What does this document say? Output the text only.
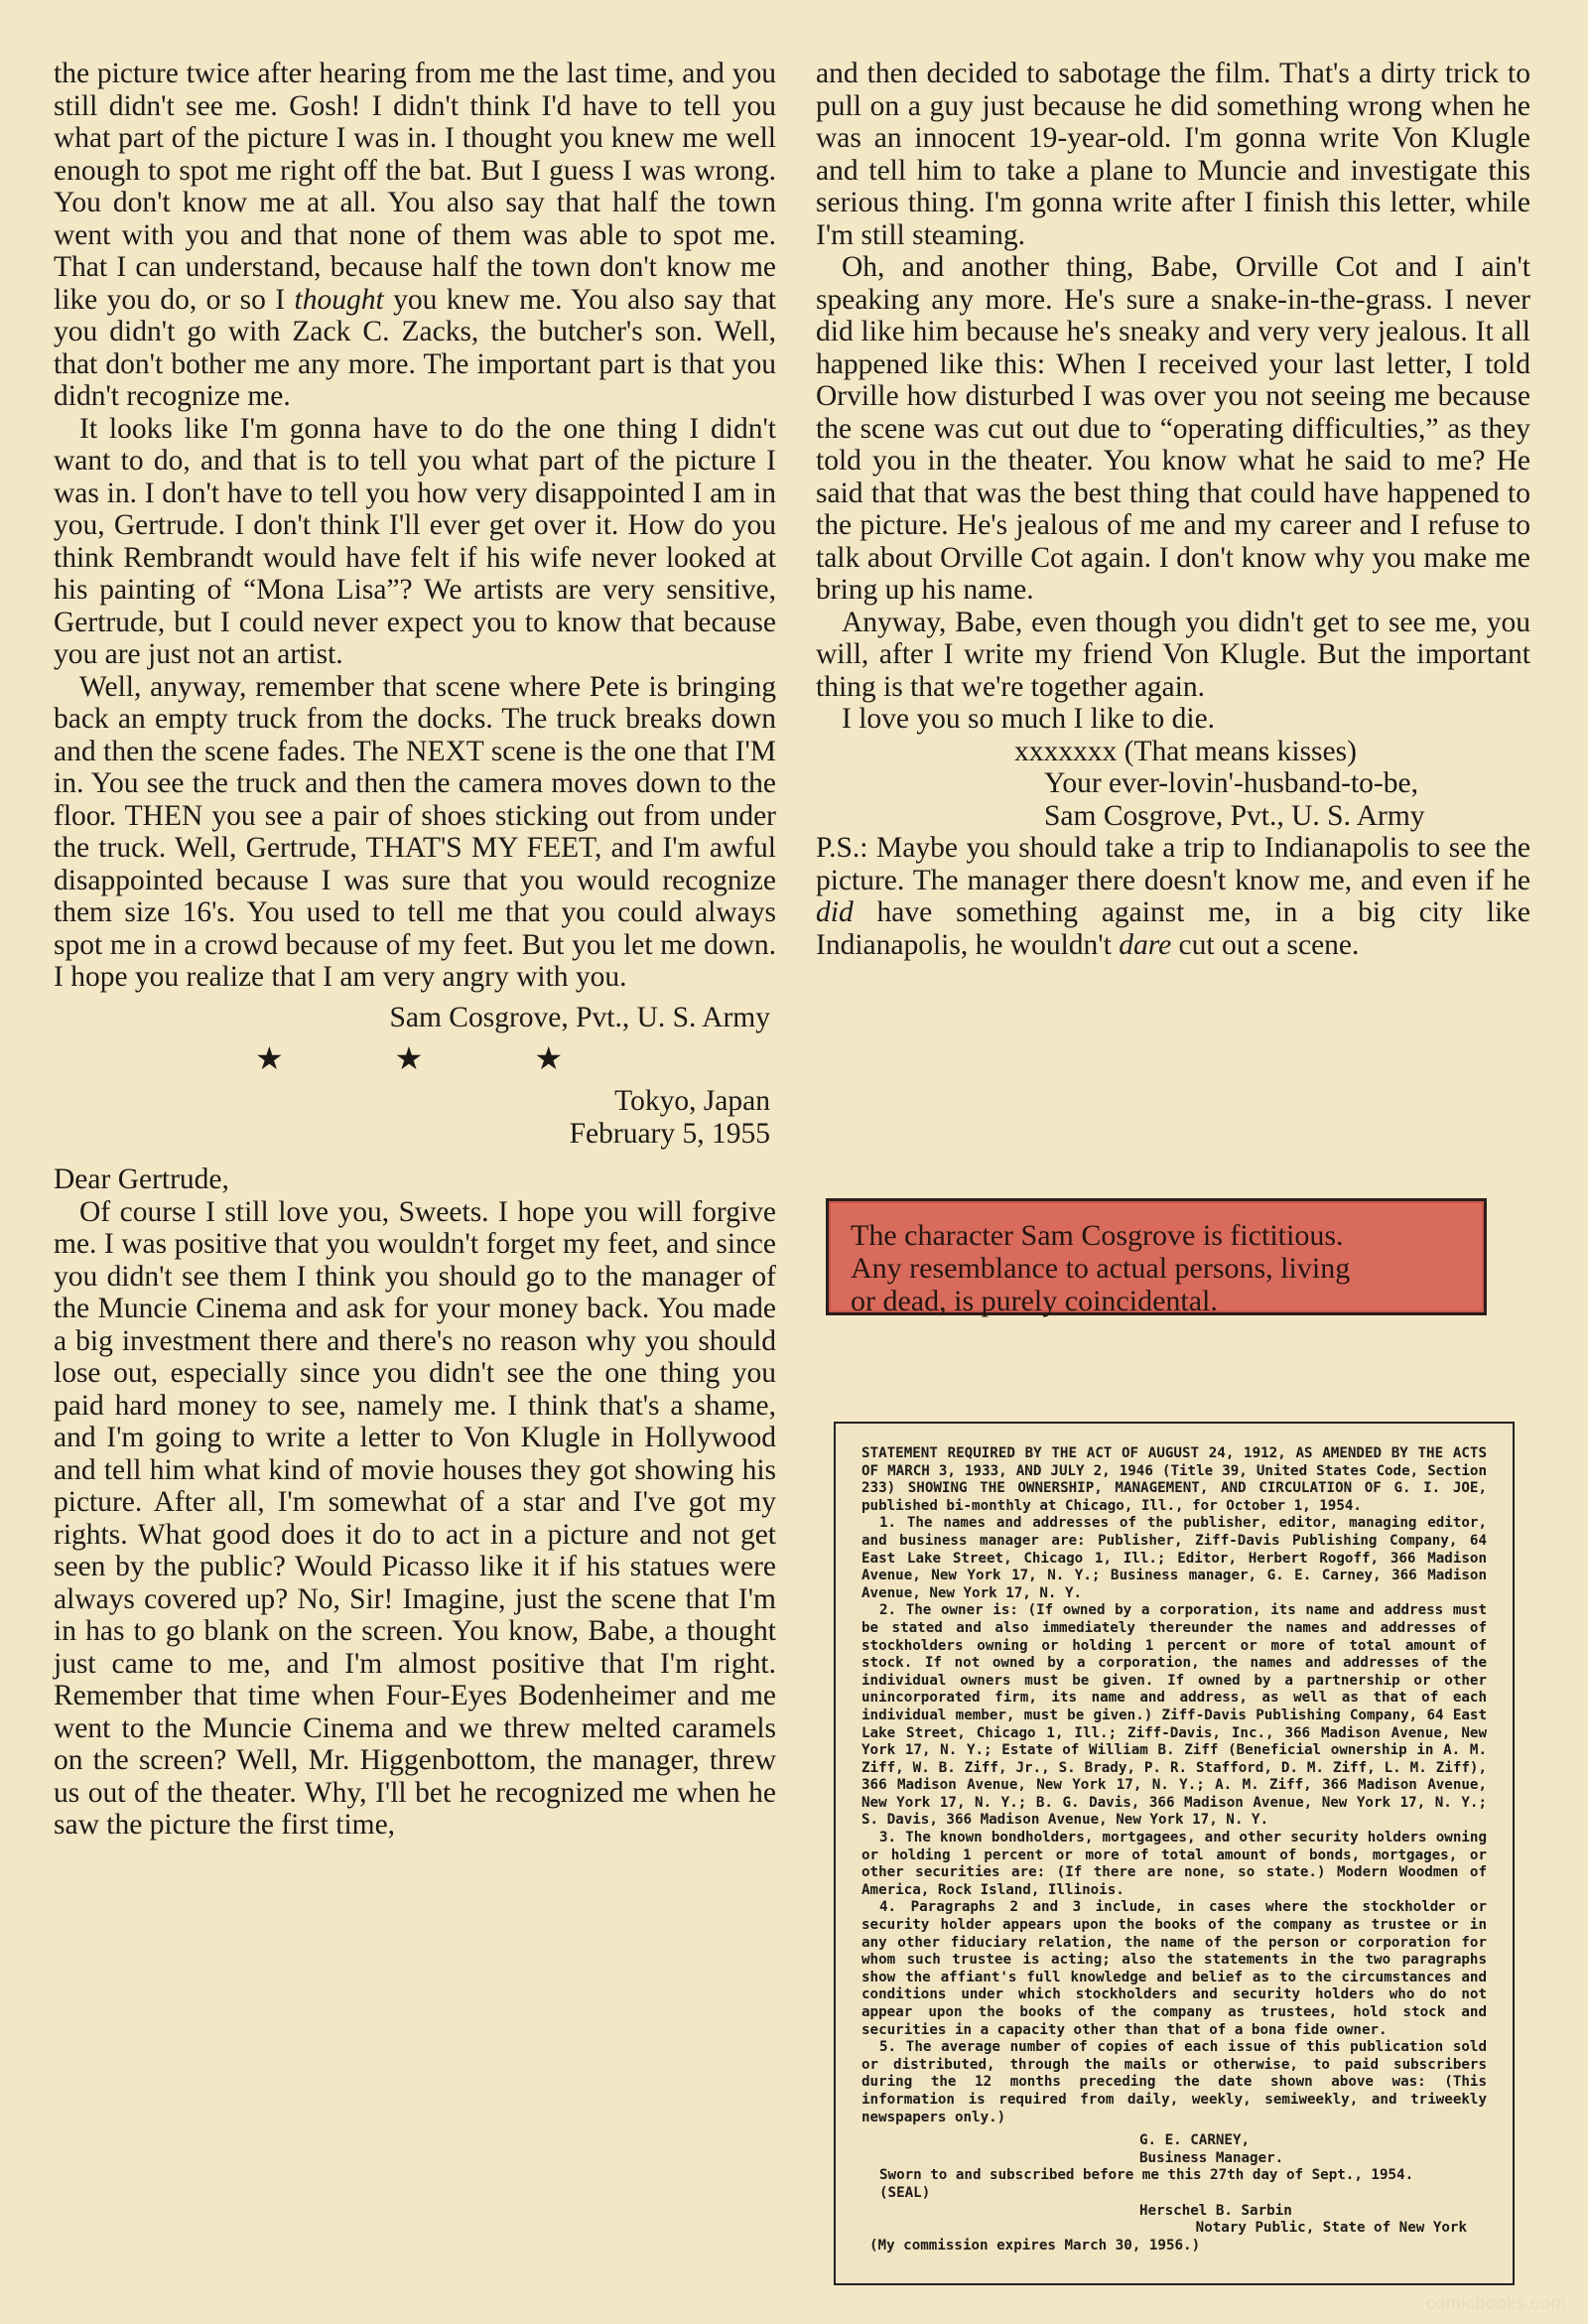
the picture twice after hearing from me the last time, and you still didn't see me. Gosh! I didn't think I'd have to tell you what part of the picture I was in. I thought you knew me well enough to spot me right off the bat. But I guess I was wrong. You don't know me at all. You also say that half the town went with you and that none of them was able to spot me. That I can understand, because half the town don't know me like you do, or so I thought you knew me. You also say that you didn't go with Zack C. Zacks, the butcher's son. Well, that don't bother me any more. The important part is that you didn't recognize me.

It looks like I'm gonna have to do the one thing I didn't want to do, and that is to tell you what part of the picture I was in. I don't have to tell you how very disappointed I am in you, Gertrude. I don't think I'll ever get over it. How do you think Rembrandt would have felt if his wife never looked at his painting of “Mona Lisa”? We artists are very sensitive, Gertrude, but I could never expect you to know that because you are just not an artist.

Well, anyway, remember that scene where Pete is bringing back an empty truck from the docks. The truck breaks down and then the scene fades. The NEXT scene is the one that I'M in. You see the truck and then the camera moves down to the floor. THEN you see a pair of shoes sticking out from under the truck. Well, Gertrude, THAT'S MY FEET, and I'm awful disappointed because I was sure that you would recognize them size 16's. You used to tell me that you could always spot me in a crowd because of my feet. But you let me down. I hope you realize that I am very angry with you.

Sam Cosgrove, Pvt., U. S. Army

★ ★ ★

Tokyo, Japan

February 5, 1955

Dear Gertrude,

Of course I still love you, Sweets. I hope you will forgive me. I was positive that you wouldn't forget my feet, and since you didn't see them I think you should go to the manager of the Muncie Cinema and ask for your money back. You made a big investment there and there's no reason why you should lose out, especially since you didn't see the one thing you paid hard money to see, namely me. I think that's a shame, and I'm going to write a letter to Von Klugle in Hollywood and tell him what kind of movie houses they got showing his picture. After all, I'm somewhat of a star and I've got my rights. What good does it do to act in a picture and not get seen by the public? Would Picasso like it if his statues were always covered up? No, Sir! Imagine, just the scene that I'm in has to go blank on the screen. You know, Babe, a thought just came to me, and I'm almost positive that I'm right. Remember that time when Four-Eyes Bodenheimer and me went to the Muncie Cinema and we threw melted caramels on the screen? Well, Mr. Higgenbottom, the manager, threw us out of the theater. Why, I'll bet he recognized me when he saw the picture the first time,

and then decided to sabotage the film. That's a dirty trick to pull on a guy just because he did something wrong when he was an innocent 19-year-old. I'm gonna write Von Klugle and tell him to take a plane to Muncie and investigate this serious thing. I'm gonna write after I finish this letter, while I'm still steaming.

Oh, and another thing, Babe, Orville Cot and I ain't speaking any more. He's sure a snake-in-the-grass. I never did like him because he's sneaky and very very jealous. It all happened like this: When I received your last letter, I told Orville how disturbed I was over you not seeing me because the scene was cut out due to “operating difficulties,” as they told you in the theater. You know what he said to me? He said that that was the best thing that could have happened to the picture. He's jealous of me and my career and I refuse to talk about Orville Cot again. I don't know why you make me bring up his name.

Anyway, Babe, even though you didn't get to see me, you will, after I write my friend Von Klugle. But the important thing is that we're together again.

I love you so much I like to die.

xxxxxxx (That means kisses)

Your ever-lovin'-husband-to-be,

Sam Cosgrove, Pvt., U. S. Army

P.S.: Maybe you should take a trip to Indianapolis to see the picture. The manager there doesn't know me, and even if he did have something against me, in a big city like Indianapolis, he wouldn't dare cut out a scene.

The character Sam Cosgrove is fictitious.

Any resemblance to actual persons, living

or dead, is purely coincidental.

STATEMENT REQUIRED BY THE ACT OF AUGUST 24, 1912, AS AMENDED BY THE ACTS OF MARCH 3, 1933, AND JULY 2, 1946 (Title 39, United States Code, Section 233) SHOWING THE OWNERSHIP, MANAGEMENT, AND CIRCULATION OF G. I. JOE, published bi-monthly at Chicago, Ill., for October 1, 1954.

1. The names and addresses of the publisher, editor, managing editor, and business manager are: Publisher, Ziff-Davis Publishing Company, 64 East Lake Street, Chicago 1, Ill.; Editor, Herbert Rogoff, 366 Madison Avenue, New York 17, N. Y.; Business manager, G. E. Carney, 366 Madison Avenue, New York 17, N. Y.

2. The owner is: (If owned by a corporation, its name and address must be stated and also immediately thereunder the names and addresses of stockholders owning or holding 1 percent or more of total amount of stock. If not owned by a corporation, the names and addresses of the individual owners must be given. If owned by a partnership or other unincorporated firm, its name and address, as well as that of each individual member, must be given.) Ziff-Davis Publishing Company, 64 East Lake Street, Chicago 1, Ill.; Ziff-Davis, Inc., 366 Madison Avenue, New York 17, N. Y.; Estate of William B. Ziff (Beneficial ownership in A. M. Ziff, W. B. Ziff, Jr., S. Brady, P. R. Stafford, D. M. Ziff, L. M. Ziff), 366 Madison Avenue, New York 17, N. Y.; A. M. Ziff, 366 Madison Avenue, New York 17, N. Y.; B. G. Davis, 366 Madison Avenue, New York 17, N. Y.; S. Davis, 366 Madison Avenue, New York 17, N. Y.

3. The known bondholders, mortgagees, and other security holders owning or holding 1 percent or more of total amount of bonds, mortgages, or other securities are: (If there are none, so state.) Modern Woodmen of America, Rock Island, Illinois.

4. Paragraphs 2 and 3 include, in cases where the stockholder or security holder appears upon the books of the company as trustee or in any other fiduciary relation, the name of the person or corporation for whom such trustee is acting; also the statements in the two paragraphs show the affiant's full knowledge and belief as to the circumstances and conditions under which stockholders and security holders who do not appear upon the books of the company as trustees, hold stock and securities in a capacity other than that of a bona fide owner.

5. The average number of copies of each issue of this publication sold or distributed, through the mails or otherwise, to paid subscribers during the 12 months preceding the date shown above was: (This information is required from daily, weekly, semiweekly, and triweekly newspapers only.)

G. E. CARNEY,
Business Manager.
Sworn to and subscribed before me this 27th day of Sept., 1954.
(SEAL)
Herschel B. Sarbin
Notary Public, State of New York
(My commission expires March 30, 1956.)
comicbooks.com
